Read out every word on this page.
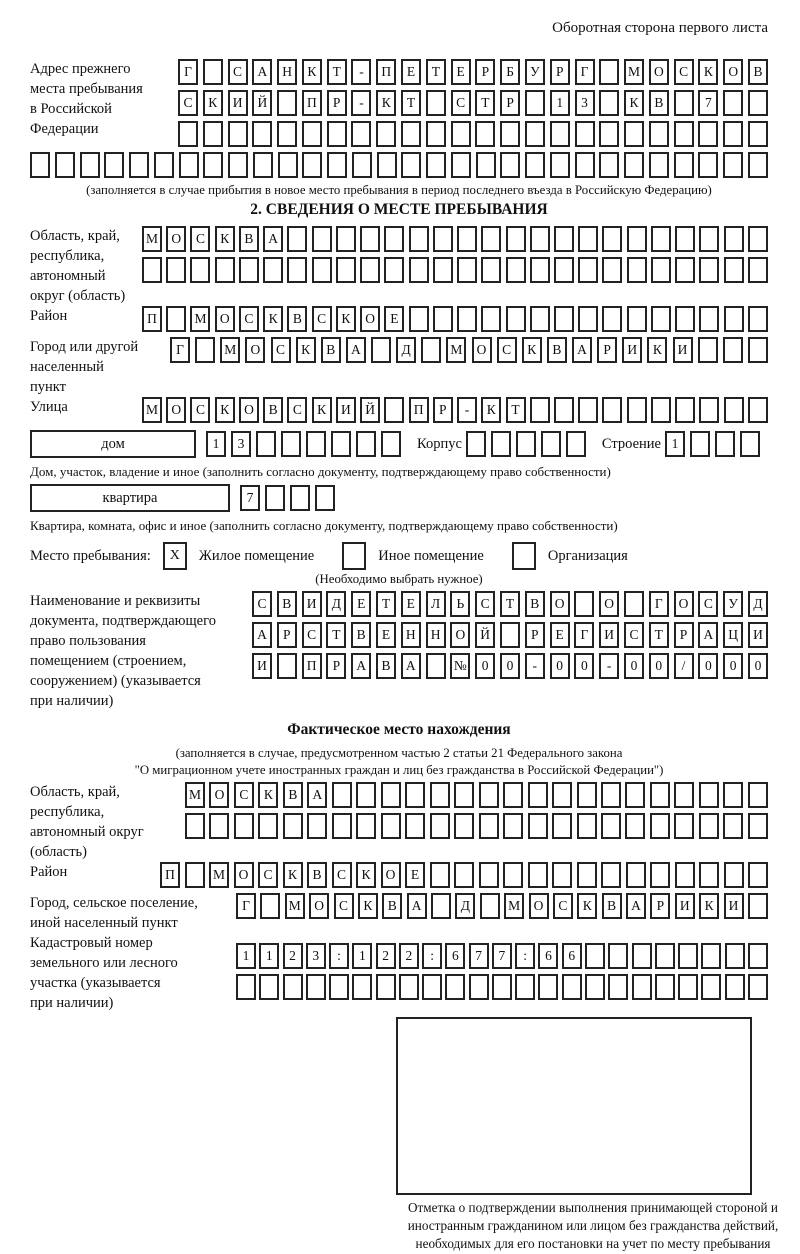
Оборотная сторона первого листа
Адрес прежнего
места пребывания
в Российской
Федерации
Г	С	А	Н	К	Т	-	П	Е	Т	Е	Р	Б	У	Р	Г	М	О	С	К	О	В
С	К	И	Й	П	Р	-	К	Т	С	Т	Р	1	3	К	В	7
(заполняется в случае прибытия в новое место пребывания в период последнего въезда в Российскую Федерацию)
2. СВЕДЕНИЯ О МЕСТЕ ПРЕБЫВАНИЯ
Область, край,
республика,
автономный
округ (область)
М О	С	К	В	А
Район	П	М О	С	К	В	С	К	О	Е
Город или другой
населенный пункт
Г	М	О	С	К	В	А	Д	М	О	С	К	В	А	Р	И	К	И
Улица	М О	С	К	О	В	С	К	И	Й	П	Р	-	К	Т
дом	1	3	Корпус	Строение 1
Дом, участок, владение и иное (заполнить согласно документу, подтверждающему право собственности)
квартира	7
Квартира, комната, офис и иное (заполнить согласно документу, подтверждающему право собственности)
Место пребывания:	X	Жилое помещение	Иное помещение	Организация
(Необходимо выбрать нужное)
Наименование и реквизиты
документа, подтверждающего
право пользования
помещением (строением,
сооружением) (указывается
при наличии)
С	В	И	Д	Е	Т	Е	Л	Ь	С	Т	В	О	О	Г	О	С	У	Д
А	Р	С	Т	В	Е	Н	Н	О	Й	Р	Е	Г	И	С	Т	Р	А	Ц	И
И	П	Р	А	В	А	№	0	0	-	0	0	-	0	0	/	0	0	0
Фактическое место нахождения
(заполняется в случае, предусмотренном частью 2 статьи 21 Федерального закона
"О миграционном учете иностранных граждан и лиц без гражданства в Российской Федерации")
Область, край,
республика,
автономный округ
(область)
М	О	С	К	В	А
Район	П	М	О	С	К	В	С	К	О	Е
Город, сельское поселение,
иной населенный пункт
Г	М	О	С	К	В	А	Д	М	О	С	К	В	А	Р	И	К	И
Кадастровый номер
земельного или лесного
участка (указывается
при наличии)
1	1	2	3	:	1	2	2	:	6	7	7	:	6	6
Отметка о подтверждении выполнения принимающей стороной и иностранным гражданином или лицом без гражданства действий, необходимых для его постановки на учет по месту пребывания
